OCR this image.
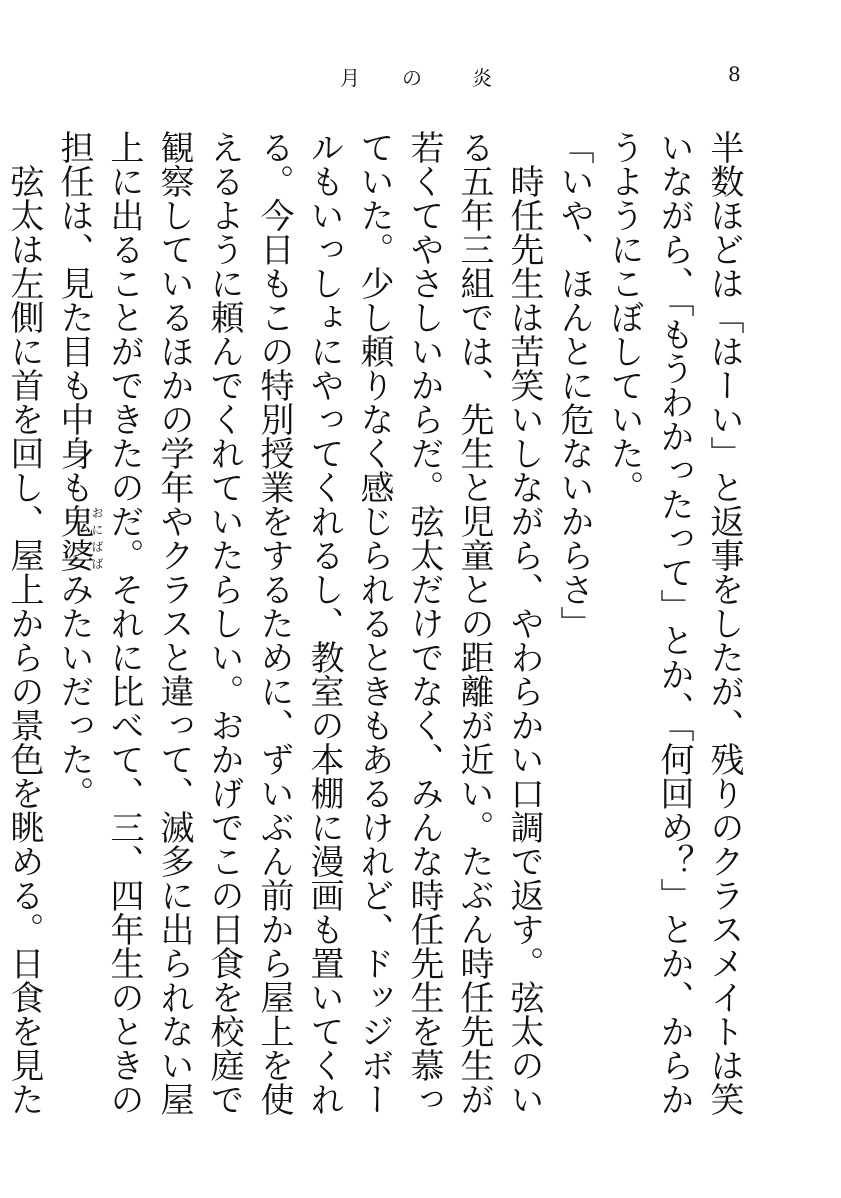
月 の	炎	8

半数ほどは「はーい」と返事をしたが、残りのクラスメイトは笑いながら、「もうわかったって」とか、「何回め？」とか、からかうようにこぼしていた。

「いや、ほんとに危ないからさ」

時任先生は苦笑いしながら、やわらかい口調で返す。弦太のいる五年三組では、先生と児童との距離が近い。たぶん時任先生が若くてやさしいからだ。弦太だけでなく、みんな時任先生を慕っていた。少し頼りなく感じられるときもあるけれど、ドッジボールもいっしょにやってくれるし、教室の本棚に漫画も置いてくれる。今日もこの特別授業をするために、ずいぶん前から屋上を使えるように頼んでくれていたらしい。おかげでこの日食を校庭で観察しているほかの学年やクラスと違って、滅多に出られない屋上に出ることができたのだ。それに比べて、三、四年生のときの担任は、見た目も中身も鬼婆おにばばみたいだった。

弦太は左側に首を回し、屋上からの景色を眺める。日食を見た
